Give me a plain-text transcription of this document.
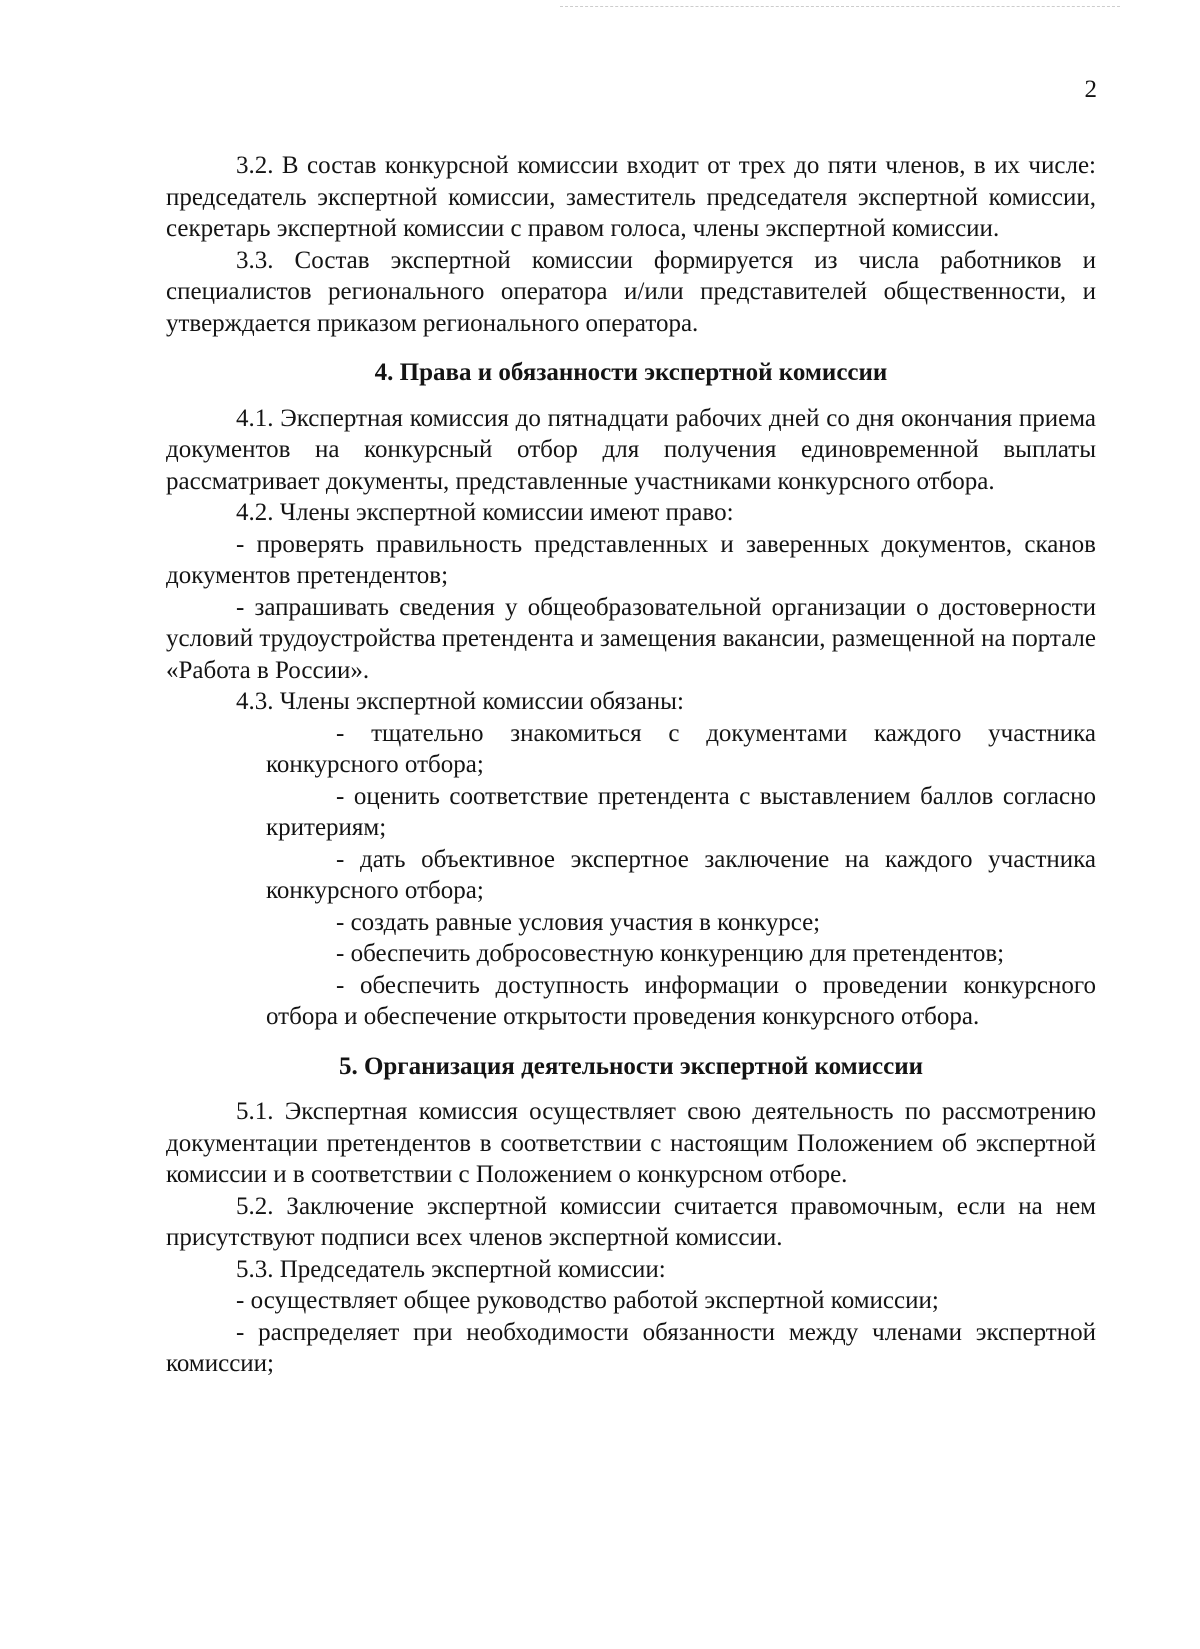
2

3.2. В состав конкурсной комиссии входит от трех до пяти членов, в их числе: председатель экспертной комиссии, заместитель председателя экспертной комиссии, секретарь экспертной комиссии с правом голоса, члены экспертной комиссии.

3.3. Состав экспертной комиссии формируется из числа работников и специалистов регионального оператора и/или представителей общественности, и утверждается приказом регионального оператора.

4. Права и обязанности экспертной комиссии

4.1. Экспертная комиссия до пятнадцати рабочих дней со дня окончания приема документов на конкурсный отбор для получения единовременной выплаты рассматривает документы, представленные участниками конкурсного отбора.

4.2. Члены экспертной комиссии имеют право:

- проверять правильность представленных и заверенных документов, сканов документов претендентов;

- запрашивать сведения у общеобразовательной организации о достоверности условий трудоустройства претендента и замещения вакансии, размещенной на портале «Работа в России».

4.3. Члены экспертной комиссии обязаны:

- тщательно знакомиться с документами каждого участника конкурсного отбора;

- оценить соответствие претендента с выставлением баллов согласно критериям;

- дать объективное экспертное заключение на каждого участника конкурсного отбора;

- создать равные условия участия в конкурсе;

- обеспечить добросовестную конкуренцию для претендентов;

- обеспечить доступность информации о проведении конкурсного отбора и обеспечение открытости проведения конкурсного отбора.

5. Организация деятельности экспертной комиссии

5.1. Экспертная комиссия осуществляет свою деятельность по рассмотрению документации претендентов в соответствии с настоящим Положением об экспертной комиссии и в соответствии с Положением о конкурсном отборе.

5.2. Заключение экспертной комиссии считается правомочным, если на нем присутствуют подписи всех членов экспертной комиссии.

5.3. Председатель экспертной комиссии:

- осуществляет общее руководство работой экспертной комиссии;

- распределяет при необходимости обязанности между членами экспертной комиссии;
